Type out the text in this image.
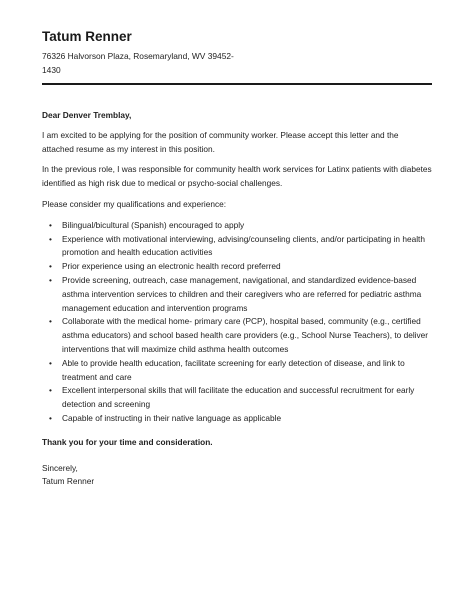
Tatum Renner
76326 Halvorson Plaza, Rosemaryland, WV 39452-1430

Dear Denver Tremblay,

I am excited to be applying for the position of community worker. Please accept this letter and the attached resume as my interest in this position.

In the previous role, I was responsible for community health work services for Latinx patients with diabetes identified as high risk due to medical or psycho-social challenges.

Please consider my qualifications and experience:

• Bilingual/bicultural (Spanish) encouraged to apply
• Experience with motivational interviewing, advising/counseling clients, and/or participating in health promotion and health education activities
• Prior experience using an electronic health record preferred
• Provide screening, outreach, case management, navigational, and standardized evidence-based asthma intervention services to children and their caregivers who are referred for pediatric asthma management education and intervention programs
• Collaborate with the medical home- primary care (PCP), hospital based, community (e.g., certified asthma educators) and school based health care providers (e.g., School Nurse Teachers), to deliver interventions that will maximize child asthma health outcomes
• Able to provide health education, facilitate screening for early detection of disease, and link to treatment and care
• Excellent interpersonal skills that will facilitate the education and successful recruitment for early detection and screening
• Capable of instructing in their native language as applicable

Thank you for your time and consideration.

Sincerely,

Tatum Renner
